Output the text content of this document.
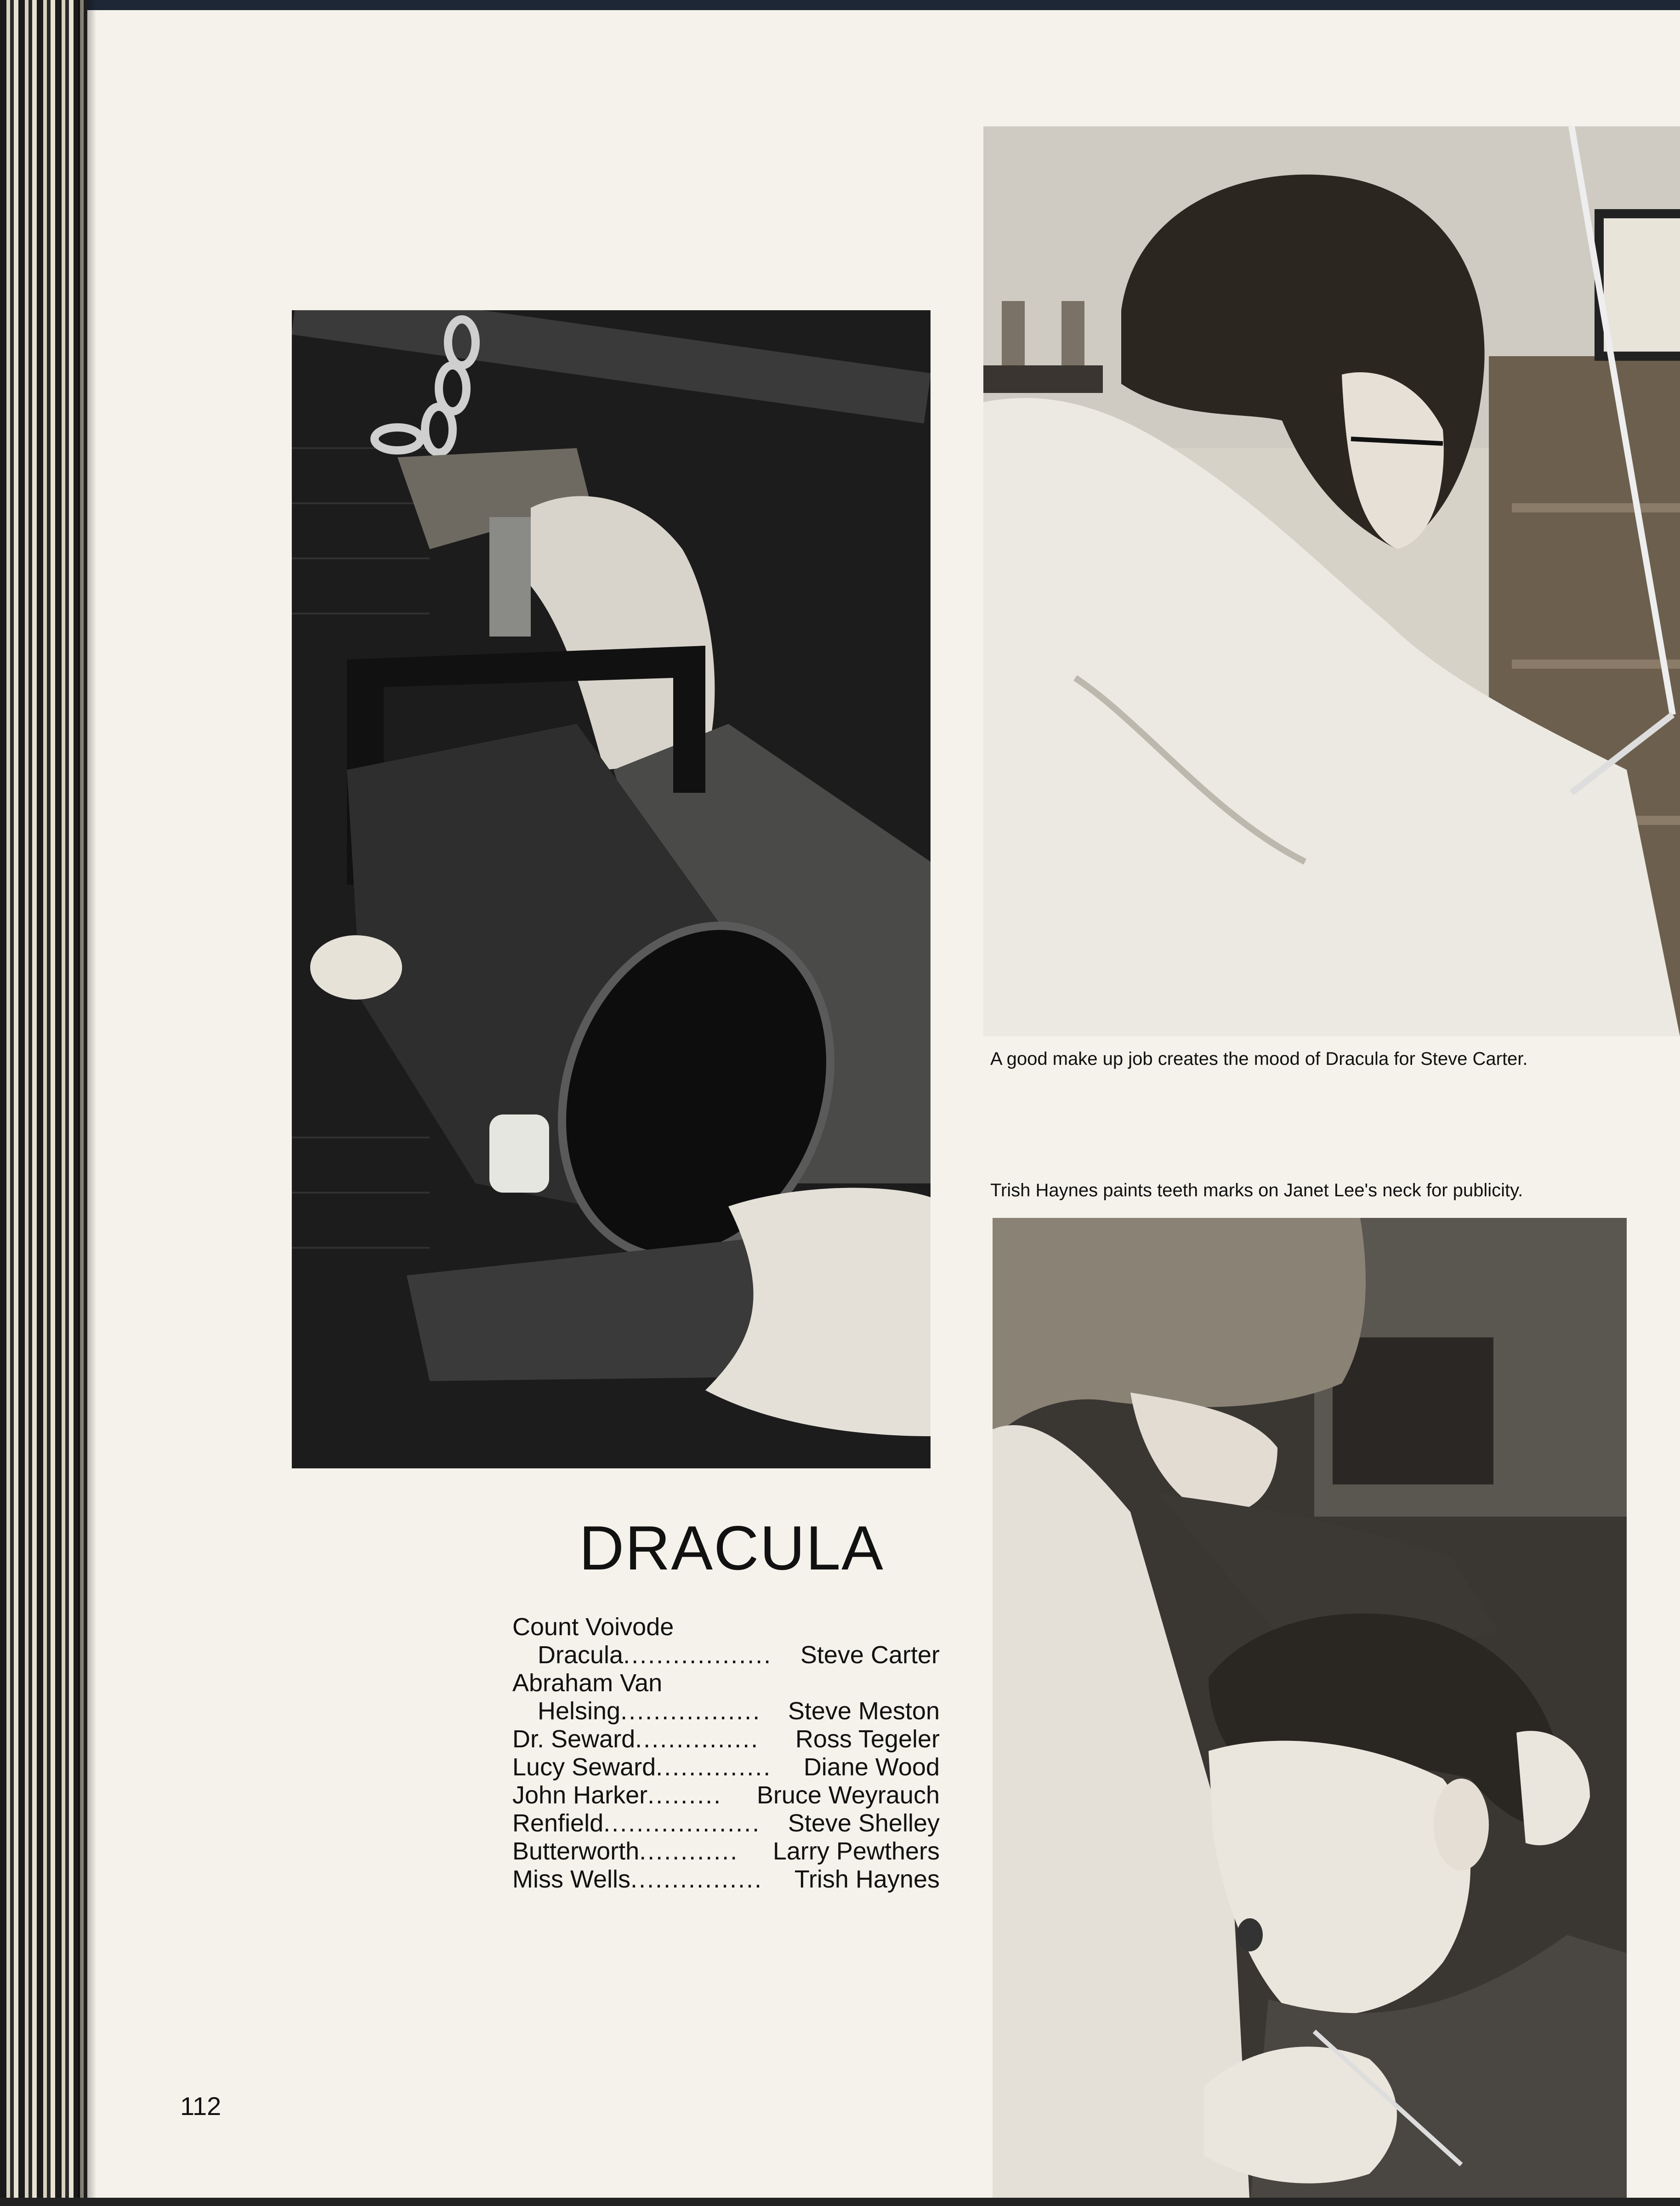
A good make up job creates the mood of Dracula for Steve Carter.
Trish Haynes paints teeth marks on Janet Lee's neck for publicity.
DRACULA
Count Voivode
Dracula ..................	Steve Carter
Abraham Van
Helsing .................	Steve Meston
Dr. Seward ...............	Ross Tegeler
Lucy Seward ..............	Diane Wood
John Harker .........	Bruce Weyrauch
Renfield ...................	Steve Shelley
Butterworth ............	Larry Pewthers
Miss Wells ................	Trish Haynes
112
